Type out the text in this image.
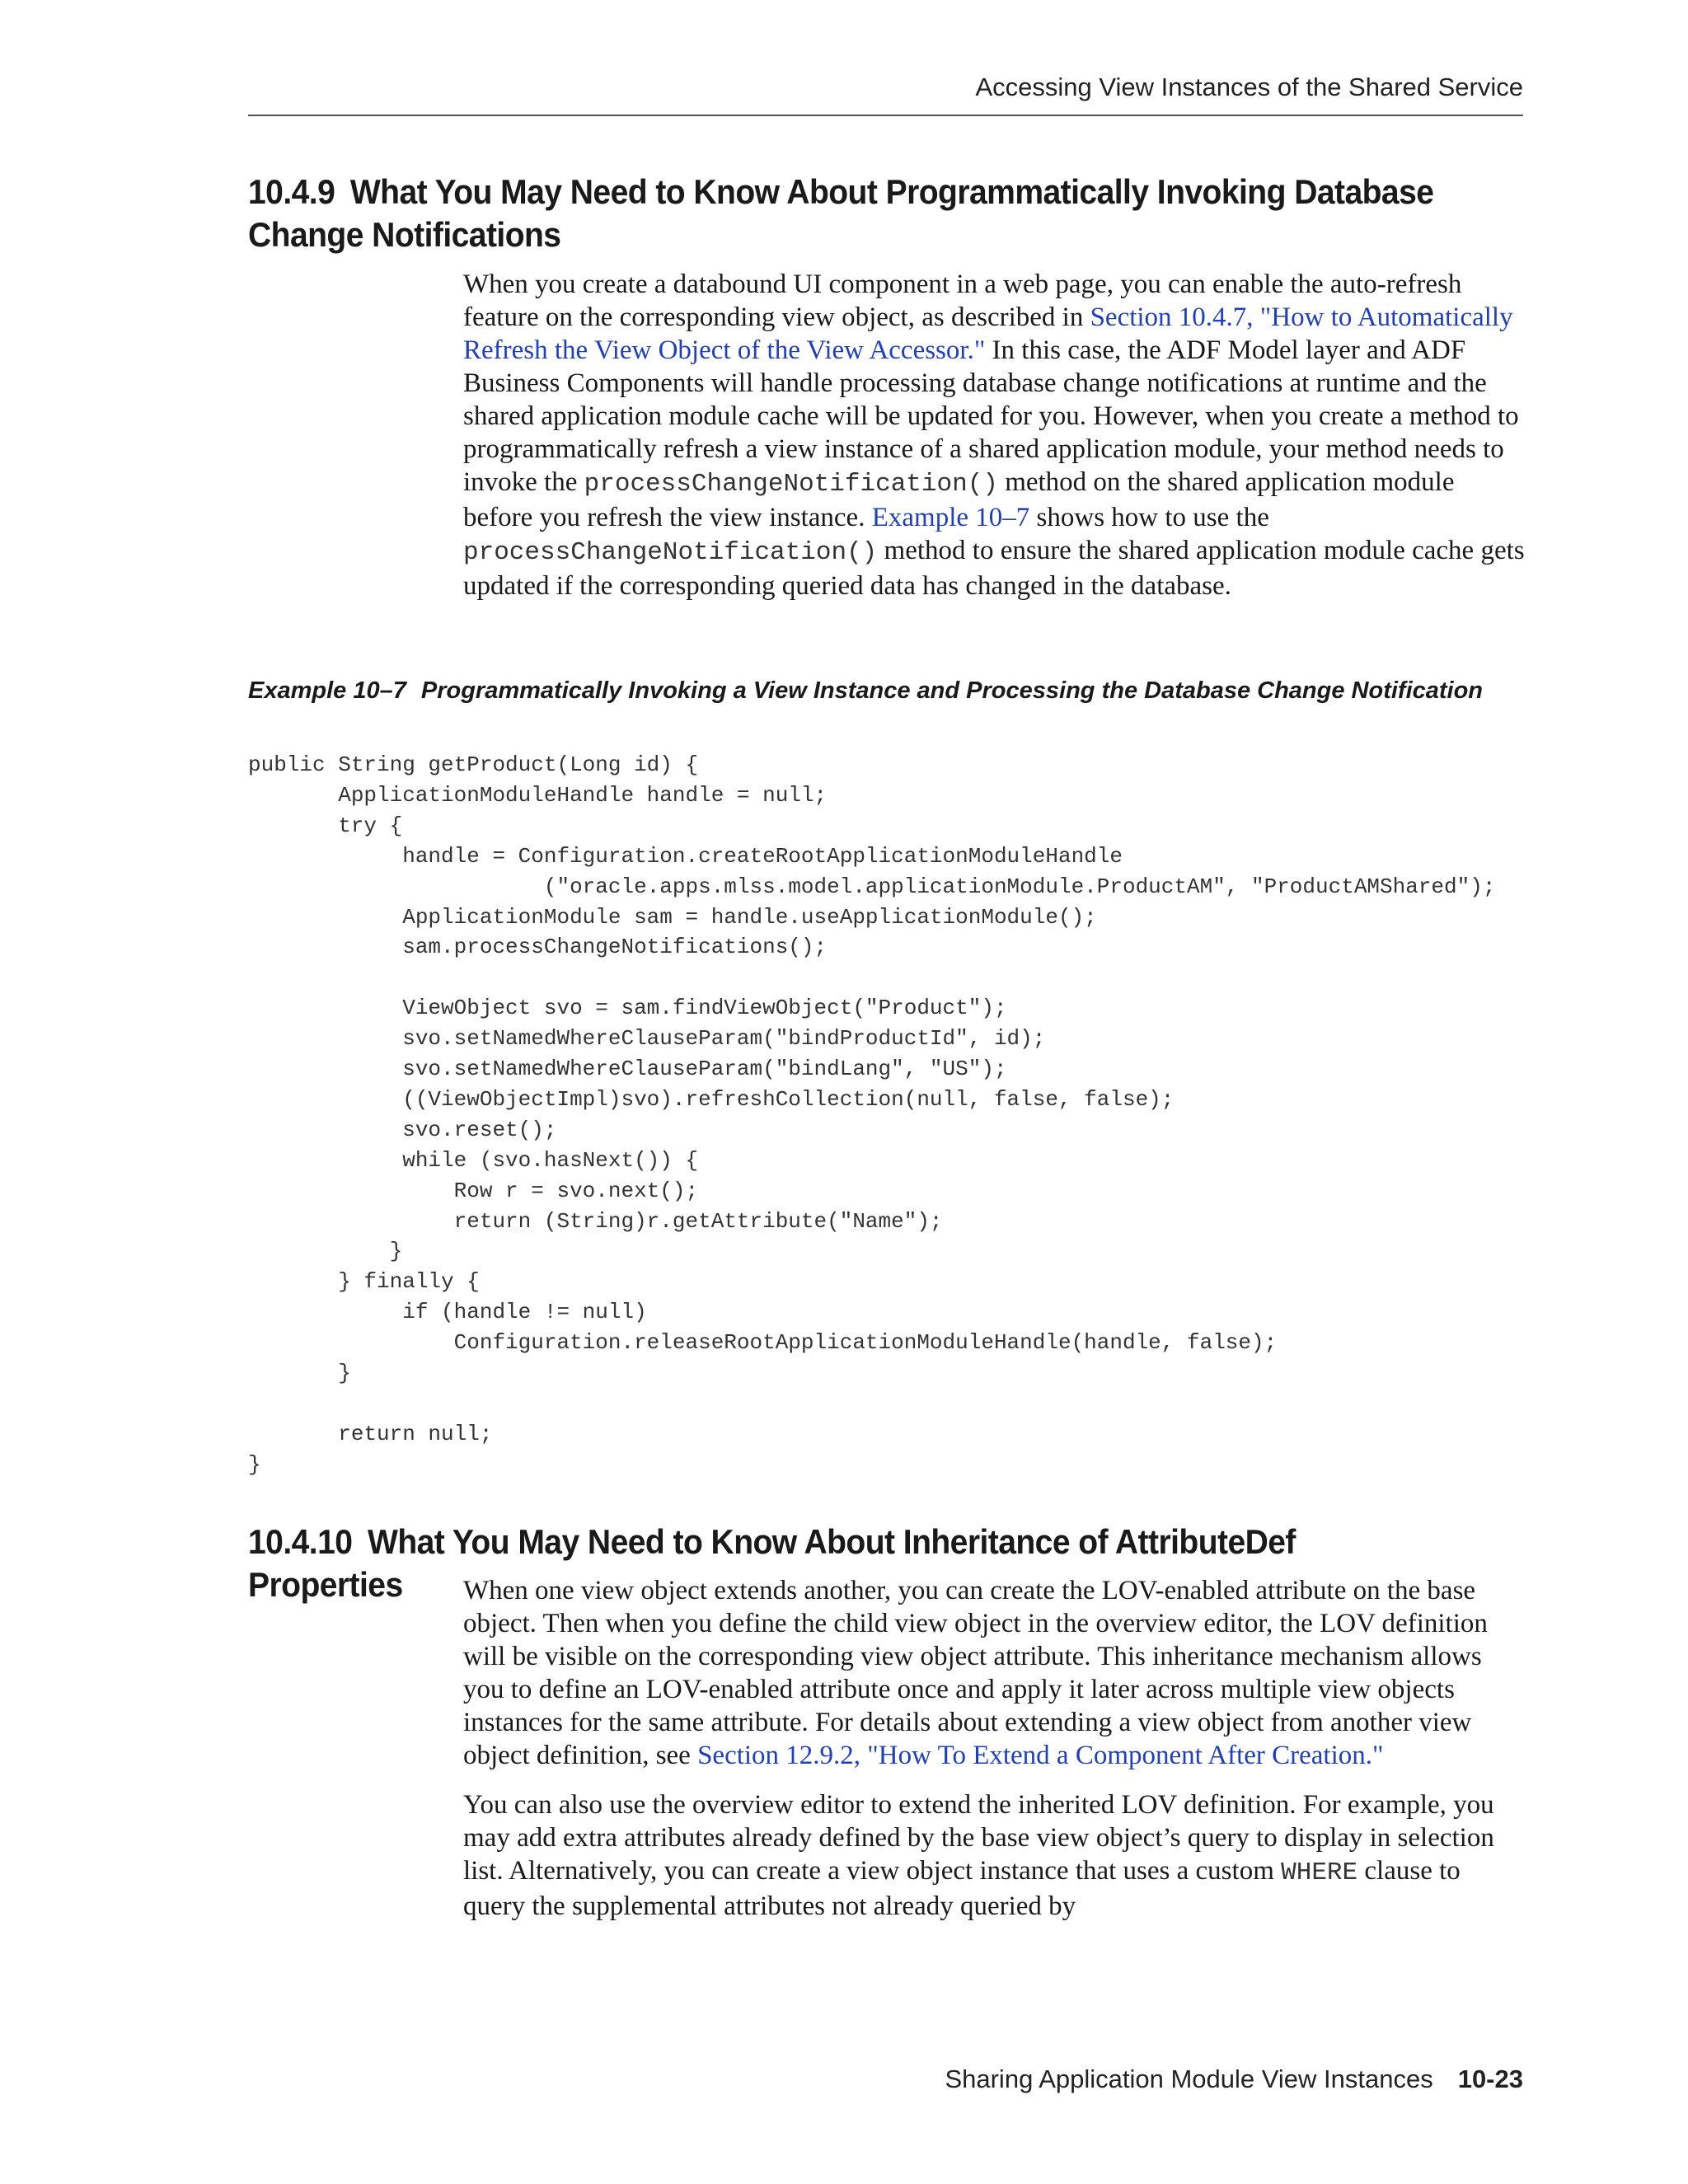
Accessing View Instances of the Shared Service
10.4.9 What You May Need to Know About Programmatically Invoking Database Change Notifications

When you create a databound UI component in a web page, you can enable the auto-refresh feature on the corresponding view object, as described in Section 10.4.7, "How to Automatically Refresh the View Object of the View Accessor." In this case, the ADF Model layer and ADF Business Components will handle processing database change notifications at runtime and the shared application module cache will be updated for you. However, when you create a method to programmatically refresh a view instance of a shared application module, your method needs to invoke the processChangeNotification() method on the shared application module before you refresh the view instance. Example 10–7 shows how to use the processChangeNotification() method to ensure the shared application module cache gets updated if the corresponding queried data has changed in the database.

Example 10–7 Programmatically Invoking a View Instance and Processing the Database Change Notification
public String getProduct(Long id) {
ApplicationModuleHandle handle = null;
try {
handle = Configuration.createRootApplicationModuleHandle
("oracle.apps.mlss.model.applicationModule.ProductAM", "ProductAMShared");
ApplicationModule sam = handle.useApplicationModule();
sam.processChangeNotifications();
ViewObject svo = sam.findViewObject("Product");
svo.setNamedWhereClauseParam("bindProductId", id);
svo.setNamedWhereClauseParam("bindLang", "US");
((ViewObjectImpl)svo).refreshCollection(null, false, false);
svo.reset();
while (svo.hasNext()) {
Row r = svo.next();
return (String)r.getAttribute("Name");
}
} finally {
if (handle != null)
Configuration.releaseRootApplicationModuleHandle(handle, false);
}
return null;
}
10.4.10 What You May Need to Know About Inheritance of AttributeDef Properties	When one view object extends another, you can create the LOV-enabled attribute on the base object. Then when you define the child view object in the overview editor, the LOV definition will be visible on the corresponding view object attribute. This inheritance mechanism allows you to define an LOV-enabled attribute once and apply it later across multiple view objects instances for the same attribute. For details about extending a view object from another view object definition, see Section 12.9.2, "How To Extend a Component After Creation."

You can also use the overview editor to extend the inherited LOV definition. For example, you may add extra attributes already defined by the base view object’s query to display in selection list. Alternatively, you can create a view object instance that uses a custom WHERE clause to query the supplemental attributes not already queried by

Sharing Application Module View Instances 10-23
